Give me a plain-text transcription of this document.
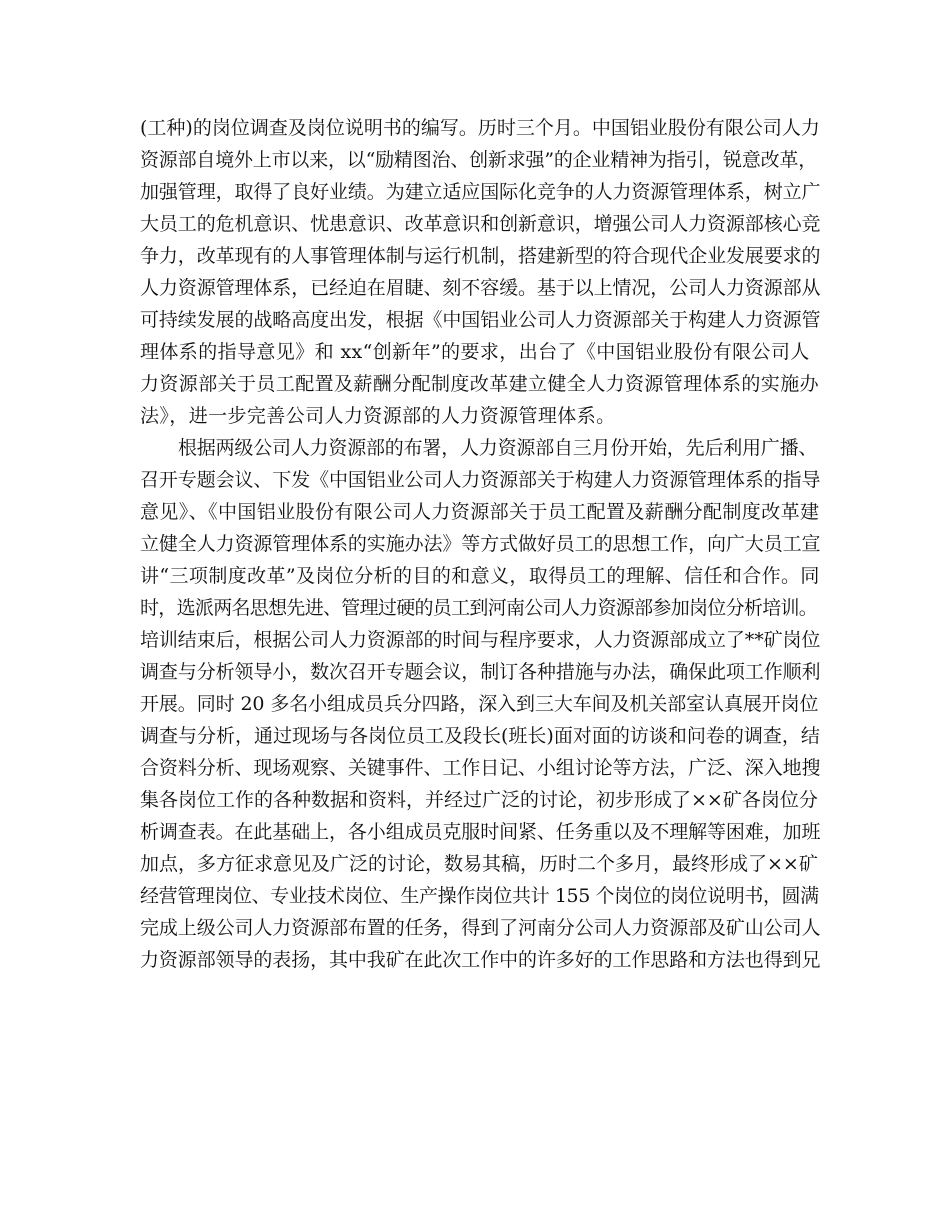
(工种)的岗位调查及岗位说明书的编写。历时三个月。中国铝业股份有限公司人力
资源部自境外上市以来，以“励精图治、创新求强”的企业精神为指引，锐意改革，
加强管理，取得了良好业绩。为建立适应国际化竞争的人力资源管理体系，树立广
大员工的危机意识、忧患意识、改革意识和创新意识，增强公司人力资源部核心竞
争力，改革现有的人事管理体制与运行机制，搭建新型的符合现代企业发展要求的
人力资源管理体系，已经迫在眉睫、刻不容缓。基于以上情况，公司人力资源部从
可持续发展的战略高度出发，根据《中国铝业公司人力资源部关于构建人力资源管
理体系的指导意见》和 xx“创新年”的要求，出台了《中国铝业股份有限公司人
力资源部关于员工配置及薪酬分配制度改革建立健全人力资源管理体系的实施办
法》，进一步完善公司人力资源部的人力资源管理体系。
根据两级公司人力资源部的布署，人力资源部自三月份开始，先后利用广播、
召开专题会议、下发《中国铝业公司人力资源部关于构建人力资源管理体系的指导
意见》、《中国铝业股份有限公司人力资源部关于员工配置及薪酬分配制度改革建
立健全人力资源管理体系的实施办法》等方式做好员工的思想工作，向广大员工宣
讲“三项制度改革”及岗位分析的目的和意义，取得员工的理解、信任和合作。同
时，选派两名思想先进、管理过硬的员工到河南公司人力资源部参加岗位分析培训。
培训结束后，根据公司人力资源部的时间与程序要求，人力资源部成立了**矿岗位
调查与分析领导小，数次召开专题会议，制订各种措施与办法，确保此项工作顺利
开展。同时 20 多名小组成员兵分四路，深入到三大车间及机关部室认真展开岗位
调查与分析，通过现场与各岗位员工及段长(班长)面对面的访谈和问卷的调查，结
合资料分析、现场观察、关键事件、工作日记、小组讨论等方法，广泛、深入地搜
集各岗位工作的各种数据和资料，并经过广泛的讨论，初步形成了××矿各岗位分
析调查表。在此基础上，各小组成员克服时间紧、任务重以及不理解等困难，加班
加点，多方征求意见及广泛的讨论，数易其稿，历时二个多月，最终形成了××矿
经营管理岗位、专业技术岗位、生产操作岗位共计 155 个岗位的岗位说明书，圆满
完成上级公司人力资源部布置的任务，得到了河南分公司人力资源部及矿山公司人
力资源部领导的表扬，其中我矿在此次工作中的许多好的工作思路和方法也得到兄
